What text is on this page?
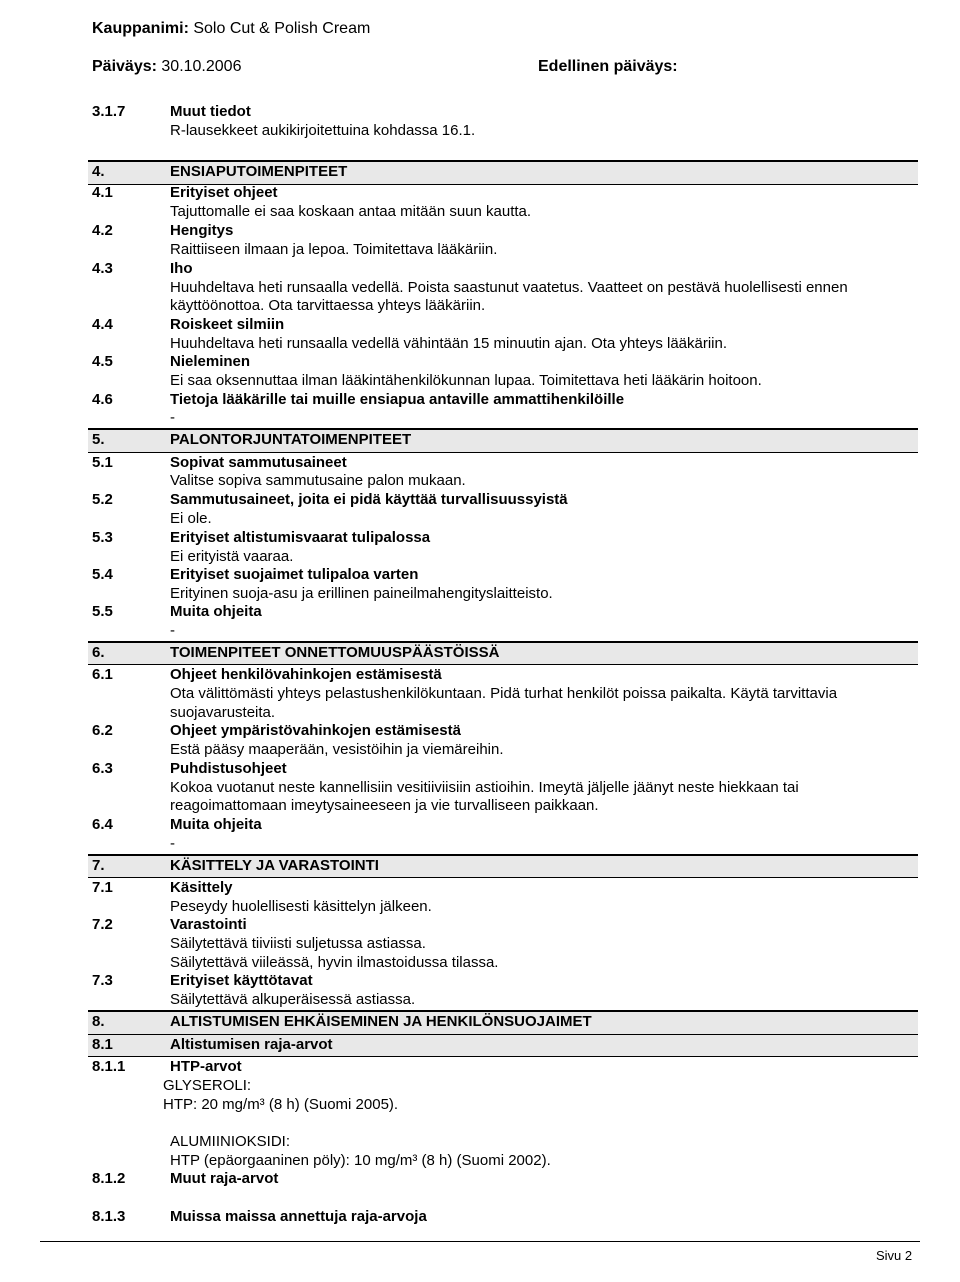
Kauppanimi: Solo Cut & Polish Cream
Päiväys: 30.10.2006	Edellinen päiväys:
3.1.7	Muut tiedot
R-lausekkeet aukikirjoitettuina kohdassa 16.1.
4.	ENSIAPUTOIMENPITEET
4.1	Erityiset ohjeet
Tajuttomalle ei saa koskaan antaa mitään suun kautta.
4.2	Hengitys
Raittiiseen ilmaan ja lepoa. Toimitettava lääkäriin.
4.3	Iho
Huuhdeltava heti runsaalla vedellä. Poista saastunut vaatetus. Vaatteet on pestävä huolellisesti ennen
käyttöönottoa. Ota tarvittaessa yhteys lääkäriin.
4.4	Roiskeet silmiin
Huuhdeltava heti runsaalla vedellä vähintään 15 minuutin ajan. Ota yhteys lääkäriin.
4.5	Nieleminen
Ei saa oksennuttaa ilman lääkintähenkilökunnan lupaa. Toimitettava heti lääkärin hoitoon.
4.6	Tietoja lääkärille tai muille ensiapua antaville ammattihenkilöille
-
5.	PALONTORJUNTATOIMENPITEET
5.1	Sopivat sammutusaineet
Valitse sopiva sammutusaine palon mukaan.
5.2	Sammutusaineet, joita ei pidä käyttää turvallisuussyistä
Ei ole.
5.3	Erityiset altistumisvaarat tulipalossa
Ei erityistä vaaraa.
5.4	Erityiset suojaimet tulipaloa varten
Erityinen suoja-asu ja erillinen paineilmahengityslaitteisto.
5.5	Muita ohjeita
-
6.	TOIMENPITEET ONNETTOMUUSPÄÄSTÖISSÄ
6.1	Ohjeet henkilövahinkojen estämisestä
Ota välittömästi yhteys pelastushenkilökuntaan. Pidä turhat henkilöt poissa paikalta. Käytä tarvittavia
suojavarusteita.
6.2	Ohjeet ympäristövahinkojen estämisestä
Estä pääsy maaperään, vesistöihin ja viemäreihin.
6.3	Puhdistusohjeet
Kokoa vuotanut neste kannellisiin vesitiiviisiin astioihin. Imeytä jäljelle jäänyt neste hiekkaan tai
reagoimattomaan imeytysaineeseen ja vie turvalliseen paikkaan.
6.4	Muita ohjeita
-
7.	KÄSITTELY JA VARASTOINTI
7.1	Käsittely
Peseydy huolellisesti käsittelyn jälkeen.
7.2	Varastointi
Säilytettävä tiiviisti suljetussa astiassa.
Säilytettävä viileässä, hyvin ilmastoidussa tilassa.
7.3	Erityiset käyttötavat
Säilytettävä alkuperäisessä astiassa.
8.	ALTISTUMISEN EHKÄISEMINEN JA HENKILÖNSUOJAIMET
8.1	Altistumisen raja-arvot
8.1.1	HTP-arvot
GLYSEROLI:
HTP: 20 mg/m³ (8 h) (Suomi 2005).
ALUMIINIOKSIDI:
HTP (epäorgaaninen pöly): 10 mg/m³ (8 h) (Suomi 2002).
8.1.2	Muut raja-arvot
8.1.3	Muissa maissa annettuja raja-arvoja
Sivu 2
